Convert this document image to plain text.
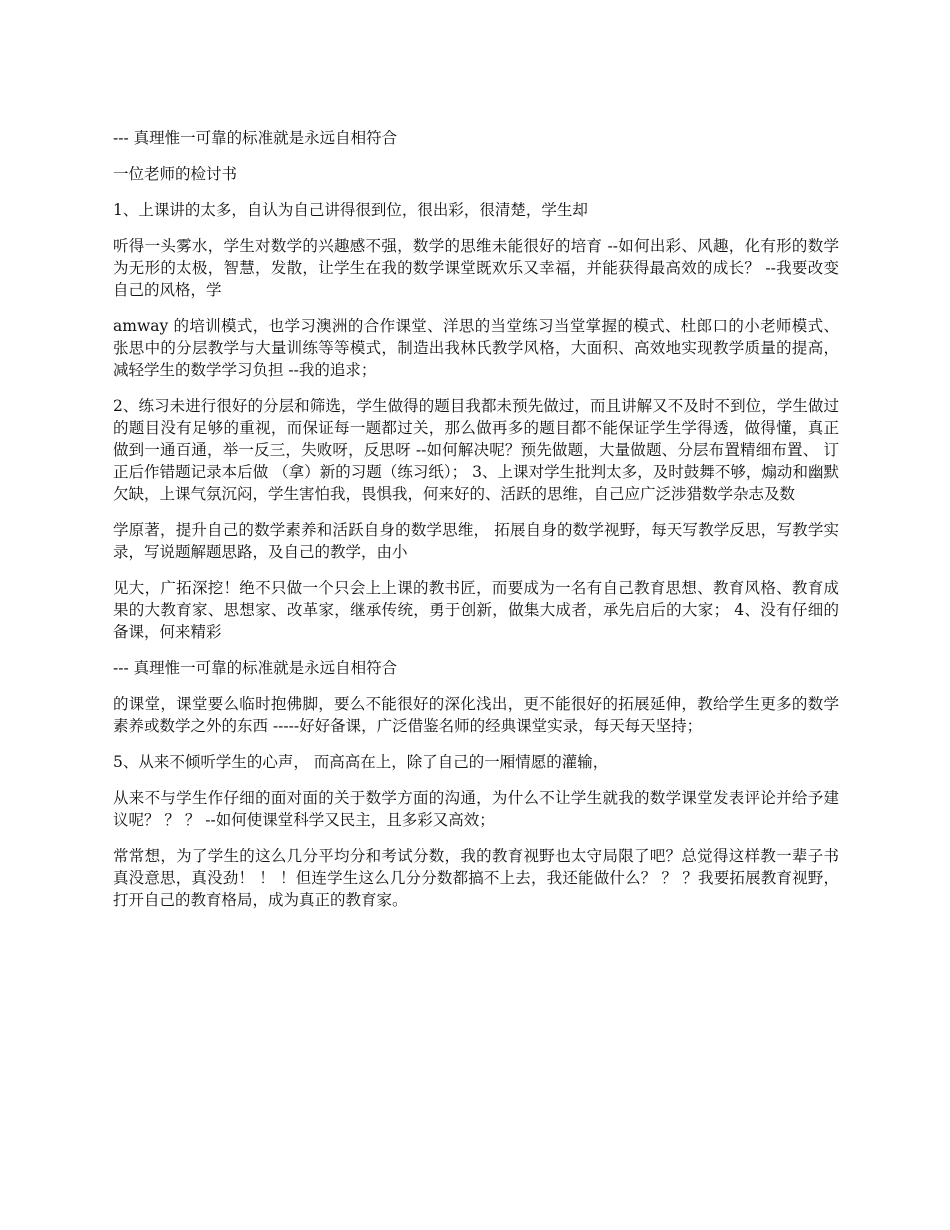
--- 真理惟一可靠的标准就是永远自相符合

一位老师的检讨书

1、上课讲的太多，自认为自己讲得很到位，很出彩，很清楚，学生却

听得一头雾水，学生对数学的兴趣感不强，数学的思维未能很好的培育 --如何出彩、风趣，化有形的数学为无形的太极，智慧，发散，让学生在我的数学课堂既欢乐又幸福，并能获得最高效的成长？ --我要改变自己的风格，学

amway 的培训模式，也学习澳洲的合作课堂、洋思的当堂练习当堂掌握的模式、杜郎口的小老师模式、张思中的分层教学与大量训练等等模式，制造出我林氏教学风格，大面积、高效地实现教学质量的提高，减轻学生的数学学习负担 --我的追求；

2、练习未进行很好的分层和筛选，学生做得的题目我都未预先做过，而且讲解又不及时不到位，学生做过的题目没有足够的重视，而保证每一题都过关，那么做再多的题目都不能保证学生学得透，做得懂，真正做到一通百通，举一反三，失败呀，反思呀 --如何解决呢？预先做题，大量做题、分层布置精细布置、 订正后作错题记录本后做 （拿）新的习题（练习纸）； 3、上课对学生批判太多，及时鼓舞不够，煽动和幽默欠缺，上课气氛沉闷，学生害怕我，畏惧我，何来好的、活跃的思维，自己应广泛涉猎数学杂志及数

学原著，提升自己的数学素养和活跃自身的数学思维， 拓展自身的数学视野，每天写教学反思，写教学实录，写说题解题思路，及自己的教学，由小

见大，广拓深挖！绝不只做一个只会上上课的教书匠，而要成为一名有自己教育思想、教育风格、教育成果的大教育家、思想家、改革家，继承传统，勇于创新，做集大成者，承先启后的大家； 4、没有仔细的备课，何来精彩

--- 真理惟一可靠的标准就是永远自相符合

的课堂，课堂要么临时抱佛脚，要么不能很好的深化浅出，更不能很好的拓展延伸，教给学生更多的数学素养或数学之外的东西 -----好好备课，广泛借鉴名师的经典课堂实录，每天每天坚持；

5、从来不倾听学生的心声， 而高高在上，除了自己的一厢情愿的灌输，

从来不与学生作仔细的面对面的关于数学方面的沟通，为什么不让学生就我的数学课堂发表评论并给予建议呢？ ？ ？ --如何使课堂科学又民主，且多彩又高效；

常常想，为了学生的这么几分平均分和考试分数，我的教育视野也太守局限了吧？总觉得这样教一辈子书真没意思，真没劲！ ！ ！但连学生这么几分分数都搞不上去，我还能做什么？ ？ ？我要拓展教育视野，打开自己的教育格局，成为真正的教育家。
